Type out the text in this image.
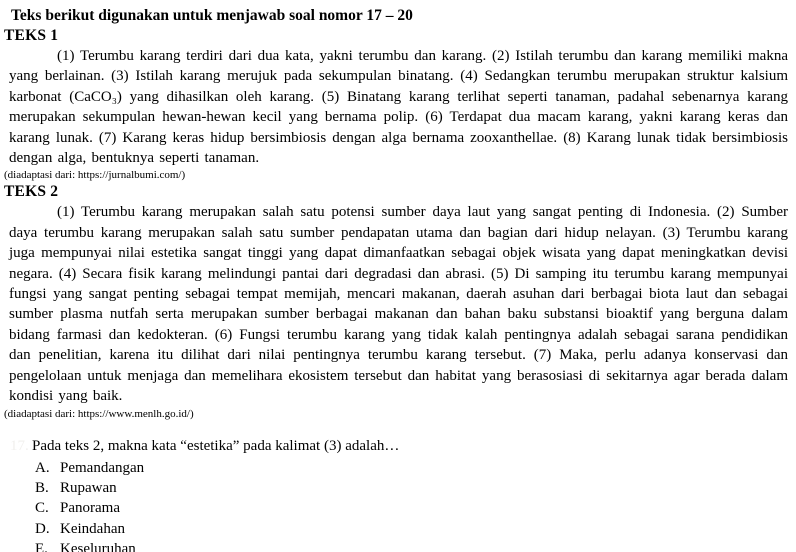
Teks berikut digunakan untuk menjawab soal nomor 17 – 20
TEKS 1

(1) Terumbu karang terdiri dari dua kata, yakni terumbu dan karang. (2) Istilah terumbu dan karang memiliki makna yang berlainan. (3) Istilah karang merujuk pada sekumpulan binatang. (4) Sedangkan terumbu merupakan struktur kalsium karbonat (CaCO₃) yang dihasilkan oleh karang. (5) Binatang karang terlihat seperti tanaman, padahal sebenarnya karang merupakan sekumpulan hewan-hewan kecil yang bernama polip. (6) Terdapat dua macam karang, yakni karang keras dan karang lunak. (7) Karang keras hidup bersimbiosis dengan alga bernama zooxanthellae. (8) Karang lunak tidak bersimbiosis dengan alga, bentuknya seperti tanaman.

(diadaptasi dari: https://jurnalbumi.com/)

TEKS 2

(1) Terumbu karang merupakan salah satu potensi sumber daya laut yang sangat penting di Indonesia. (2) Sumber daya terumbu karang merupakan salah satu sumber pendapatan utama dan bagian dari hidup nelayan. (3) Terumbu karang juga mempunyai nilai estetika sangat tinggi yang dapat dimanfaatkan sebagai objek wisata yang dapat meningkatkan devisi negara. (4) Secara fisik karang melindungi pantai dari degradasi dan abrasi. (5) Di samping itu terumbu karang mempunyai fungsi yang sangat penting sebagai tempat memijah, mencari makanan, daerah asuhan dari berbagai biota laut dan sebagai sumber plasma nutfah serta merupakan sumber berbagai makanan dan bahan baku substansi bioaktif yang berguna dalam bidang farmasi dan kedokteran. (6) Fungsi terumbu karang yang tidak kalah pentingnya adalah sebagai sarana pendidikan dan penelitian, karena itu dilihat dari nilai pentingnya terumbu karang tersebut. (7) Maka, perlu adanya konservasi dan pengelolaan untuk menjaga dan memelihara ekosistem tersebut dan habitat yang berasosiasi di sekitarnya agar berada dalam kondisi yang baik.

(diadaptasi dari: https://www.menlh.go.id/)

17. Pada teks 2, makna kata “estetika” pada kalimat (3) adalah…
A. Pemandangan
B. Rupawan
C. Panorama
D. Keindahan
E. Keseluruhan
